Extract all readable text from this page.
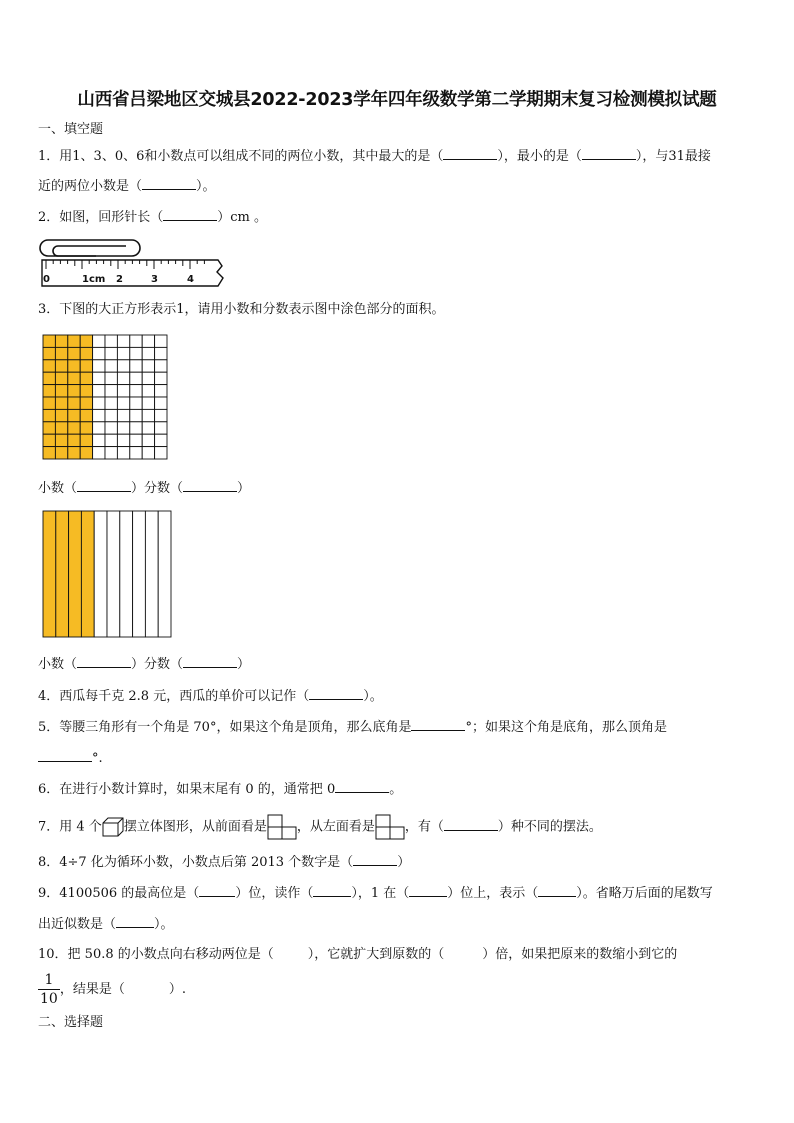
山西省吕梁地区交城县2022-2023学年四年级数学第二学期期末复习检测模拟试题
一、填空题
1．用1、3、0、6和小数点可以组成不同的两位小数，其中最大的是（	），最小的是（	），与31最接
近的两位小数是（	）。
2．如图，回形针长（	）cm 。
0	1cm 2	3	4
3．下图的大正方形表示1，请用小数和分数表示图中涂色部分的面积。
小数（	）分数（	）
小数（	）分数（	）
4．西瓜每千克 2.8 元，西瓜的单价可以记作（	）。
5．等腰三角形有一个角是 70°，如果这个角是顶角，那么底角是	°；如果这个角是底角，那么顶角是
°.
6．在进行小数计算时，如果末尾有 0 的，通常把 0	。
7．用 4 个 摆立体图形，从前面看是 ，从左面看是 ，有（	）种不同的摆法。
8．4÷7 化为循环小数，小数点后第 2013 个数字是（	）
9．4100506 的最高位是（	）位，读作（	），1 在（	）位上，表示（	）。省略万后面的尾数写
出近似数是（	）。
10．把 50.8 的小数点向右移动两位是（	），它就扩大到原数的（	）倍，如果把原来的数缩小到它的
$\frac{1}{10}$ ，结果是（	）.
二、选择题
